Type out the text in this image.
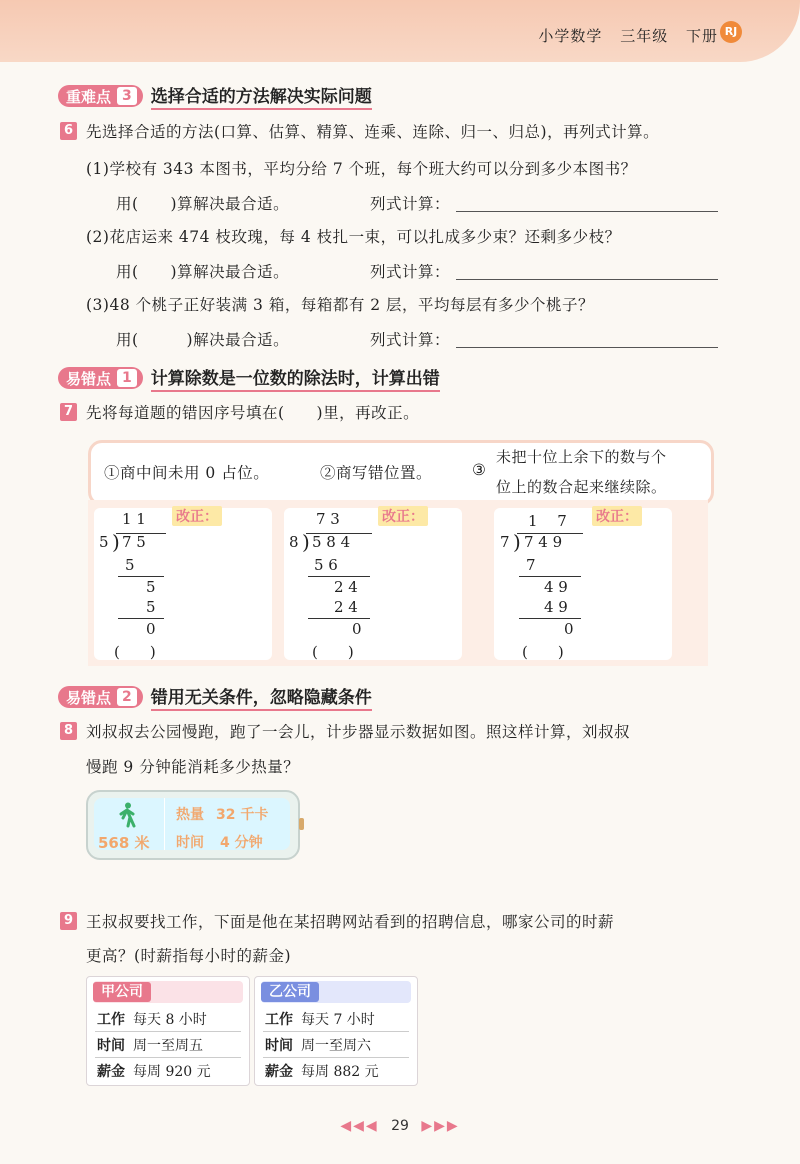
小学数学 三年级 下册 RJ
重难点 3 选择合适的方法解决实际问题
6 先选择合适的方法(口算、估算、精算、连乘、连除、归一、归总)，再列式计算。
(1)学校有 343 本图书，平均分给 7 个班，每个班大约可以分到多少本图书？
用(　　)算解决最合适。	列式计算：
(2)花店运来 474 枝玫瑰，每 4 枝扎一束，可以扎成多少束？还剩多少枝？
用(　　)算解决最合适。	列式计算：
(3)48 个桃子正好装满 3 箱，每箱都有 2 层，平均每层有多少个桃子？
用(　　　)解决最合适。	列式计算：
易错点 1 计算除数是一位数的除法时，计算出错
7 先将每道题的错因序号填在(　　)里，再改正。
①商中间未用 0 占位。	②商写错位置。	③
未把十位上余下的数与个
位上的数合起来继续除。
改正：
1 1
5 ) 7 5
5
5
5
0
(　　)
改正：
7 3
8 ) 5 8 4
5 6
2 4
2 4
0
(　　)
改正：
1　 7
7 ) 7 4 9
7
4 9
4 9
0
(　　)
易错点 2 错用无关条件，忽略隐藏条件
8 刘叔叔去公园慢跑，跑了一会儿，计步器显示数据如图。照这样计算，刘叔叔
慢跑 9 分钟能消耗多少热量？
568 米
热量 32 千卡
时间 4 分钟
9 王叔叔要找工作，下面是他在某招聘网站看到的招聘信息，哪家公司的时薪
更高？(时薪指每小时的薪金)
甲公司
工作 每天 8 小时
时间 周一至周五
薪金 每周 920 元
乙公司
工作 每天 7 小时
时间 周一至周六
薪金 每周 882 元
◀◀◀ 29 ▶▶▶
